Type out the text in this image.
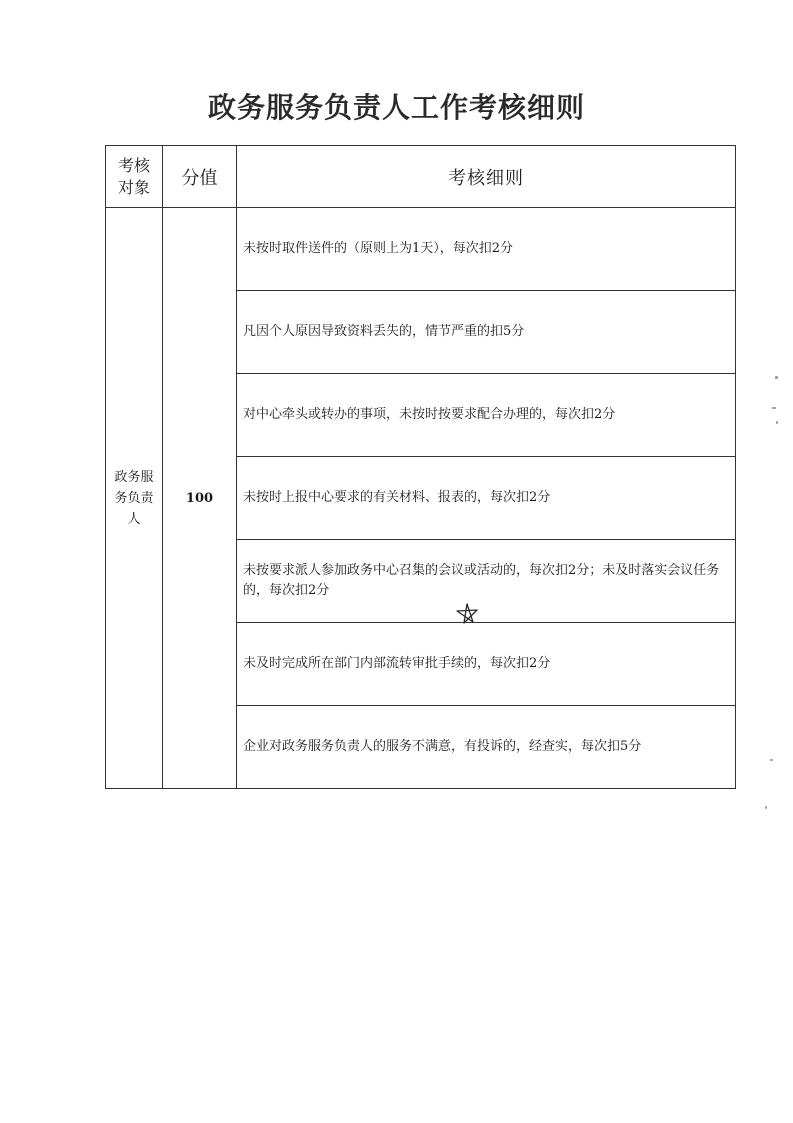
政务服务负责人工作考核细则
考核对象	分值	考核细则
政务服务负责人	100	未按时取件送件的（原则上为1天），每次扣2分
		凡因个人原因导致资料丢失的，情节严重的扣5分
		对中心牵头或转办的事项，未按时按要求配合办理的，每次扣2分
		未按时上报中心要求的有关材料、报表的，每次扣2分
		未按要求派人参加政务中心召集的会议或活动的，每次扣2分；未及时落实会议任务的，每次扣2分
		未及时完成所在部门内部流转审批手续的，每次扣2分
		企业对政务服务负责人的服务不满意，有投诉的，经查实，每次扣5分
